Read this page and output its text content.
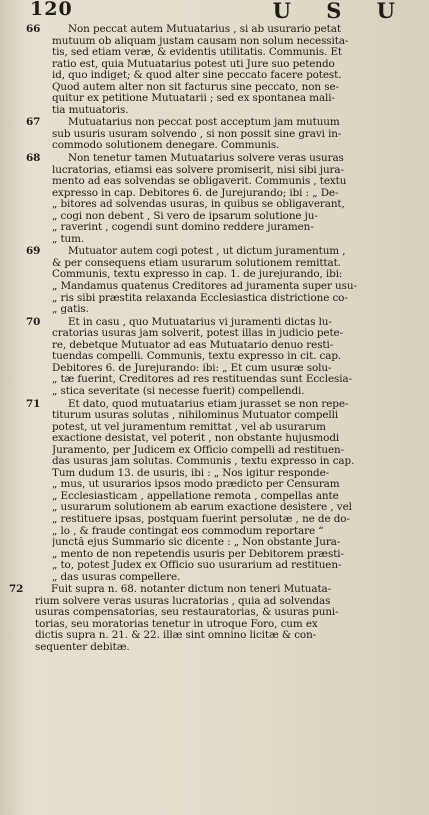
120	U S U
66	Non peccat autem Mutuatarius , si ab usurario petat
mutuum ob aliquam justam causam non solum necessita-
tis, sed etiam veræ, & evidentis utilitatis. Communis. Et
ratio est, quia Mutuatarius potest uti Jure suo petendo
id, quo indiget; & quod alter sine peccato facere potest.
Quod autem alter non sit facturus sine peccato, non se-
quitur ex petitione Mutuatarii ; sed ex spontanea mali-
tia mutuatoris.
67	Mutuatarius non peccat post acceptum jam mutuum
sub usuris usuram solvendo , si non possit sine gravi in-
commodo solutionem denegare. Communis.
68	Non tenetur tamen Mutuatarius solvere veras usuras
lucratorias, etiamsi eas solvere promiserit, nisi sibi jura-
mento ad eas solvendas se obligaverit. Communis , textu
expresso in cap. Debitores 6. de Jurejurando; ibi : „ De-
„ bitores ad solvendas usuras, in quibus se obligaverant,
„ cogi non debent , Si vero de ipsarum solutione ju-
„ raverint , cogendi sunt domino reddere juramen-
„ tum.
69	Mutuator autem cogi potest , ut dictum juramentum ,
& per consequens etiam usurarum solutionem remittat.
Communis, textu expresso in cap. 1. de jurejurando, ibi:
„ Mandamus quatenus Creditores ad juramenta super usu-
„ ris sibi præstita relaxanda Ecclesiastica districtione co-
„ gatis.
70	Et in casu , quo Mutuatarius vi juramenti dictas lu-
cratorias usuras jam solverit, potest illas in judicio pete-
re, debetque Mutuator ad eas Mutuatario denuo resti-
tuendas compelli. Communis, textu expresso in cit. cap.
Debitores 6. de Jurejurando: ibi: „ Et cum usuræ solu-
„ tæ fuerint, Creditores ad res restituendas sunt Ecclesia-
„ stica severitate (si necesse fuerit) compellendi.
71	Et dato, quod mutuatarius etiam jurasset se non repe-
titurum usuras solutas , nihilominus Mutuator compelli
potest, ut vel juramentum remittat , vel ab usurarum
exactione desistat, vel poterit , non obstante hujusmodi
Juramento, per Judicem ex Officio compelli ad restituen-
das usuras jam solutas. Communis , textu expresso in cap.
Tum dudum 13. de usuris, ibi : „ Nos igitur responde-
„ mus, ut usurarios ipsos modo prædicto per Censuram
„ Ecclesiasticam , appellatione remota , compellas ante
„ usurarum solutionem ab earum exactione desistere , vel
„ restituere ipsas, postquam fuerint persolutæ , ne de do-
„ lo , & fraude contingat eos commodum reportare “
junctâ ejus Summario sic dicente : „ Non obstante Jura-
„ mento de non repetendis usuris per Debitorem præsti-
„ to, potest Judex ex Officio suo usurarium ad restituen-
„ das usuras compellere.
72	Fuit supra n. 68. notanter dictum non teneri Mutuata-
rium solvere veras usuras lucratorias , quia ad solvendas
usuras compensatorias, seu restauratorias, & usuras puni-
torias, seu moratorias tenetur in utroque Foro, cum ex
dictis supra n. 21. & 22. illæ sint omnino licitæ & con-
sequenter debitæ.
